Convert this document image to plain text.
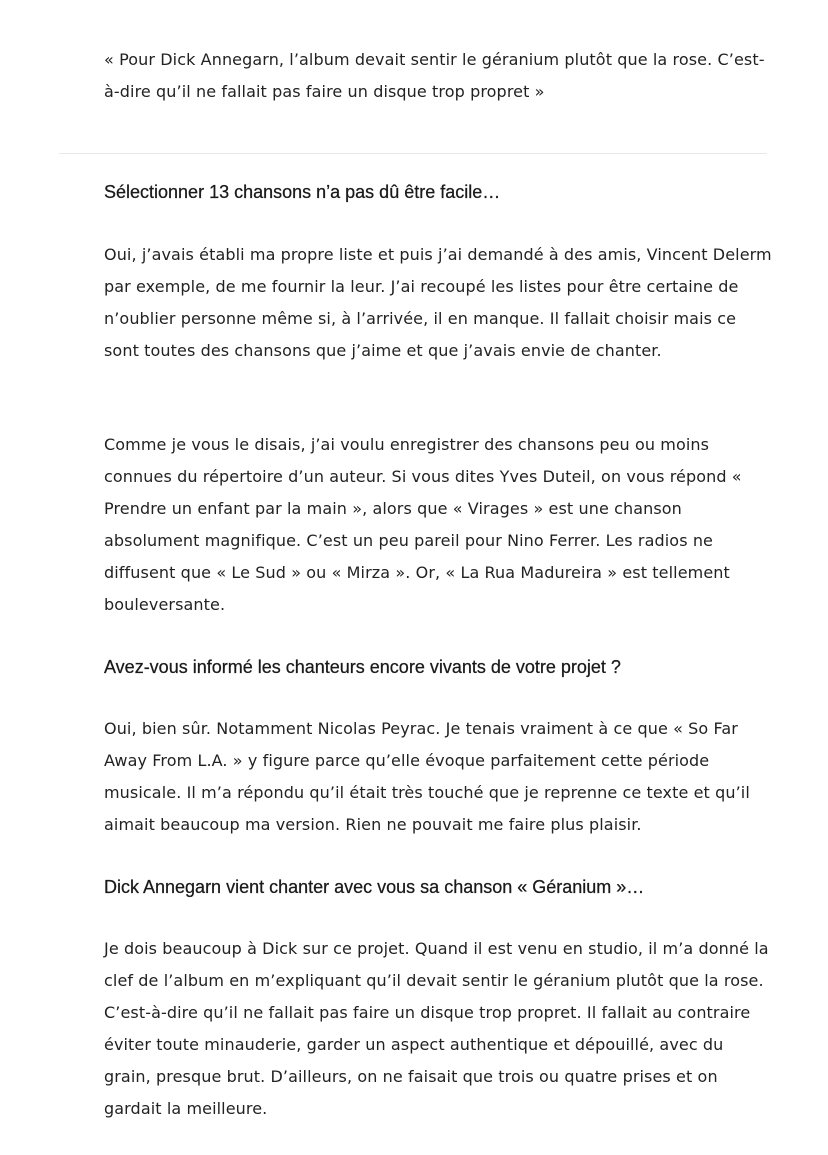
« Pour Dick Annegarn, l’album devait sentir le géranium plutôt que la rose. C’est-à-dire qu’il ne fallait pas faire un disque trop propret »
Sélectionner 13 chansons n’a pas dû être facile…

Oui, j’avais établi ma propre liste et puis j’ai demandé à des amis, Vincent Delerm par exemple, de me fournir la leur. J’ai recoupé les listes pour être certaine de n’oublier personne même si, à l’arrivée, il en manque. Il fallait choisir mais ce sont toutes des chansons que j’aime et que j’avais envie de chanter.

Comme je vous le disais, j’ai voulu enregistrer des chansons peu ou moins connues du répertoire d’un auteur. Si vous dites Yves Duteil, on vous répond « Prendre un enfant par la main », alors que « Virages » est une chanson absolument magnifique. C’est un peu pareil pour Nino Ferrer. Les radios ne diffusent que « Le Sud » ou « Mirza ». Or, « La Rua Madureira » est tellement bouleversante.

Avez-vous informé les chanteurs encore vivants de votre projet ?

Oui, bien sûr. Notamment Nicolas Peyrac. Je tenais vraiment à ce que « So Far Away From L.A. » y figure parce qu’elle évoque parfaitement cette période musicale. Il m’a répondu qu’il était très touché que je reprenne ce texte et qu’il aimait beaucoup ma version. Rien ne pouvait me faire plus plaisir.

Dick Annegarn vient chanter avec vous sa chanson « Géranium »…

Je dois beaucoup à Dick sur ce projet. Quand il est venu en studio, il m’a donné la clef de l’album en m’expliquant qu’il devait sentir le géranium plutôt que la rose. C’est-à-dire qu’il ne fallait pas faire un disque trop propret. Il fallait au contraire éviter toute minauderie, garder un aspect authentique et dépouillé, avec du grain, presque brut. D’ailleurs, on ne faisait que trois ou quatre prises et on gardait la meilleure.
